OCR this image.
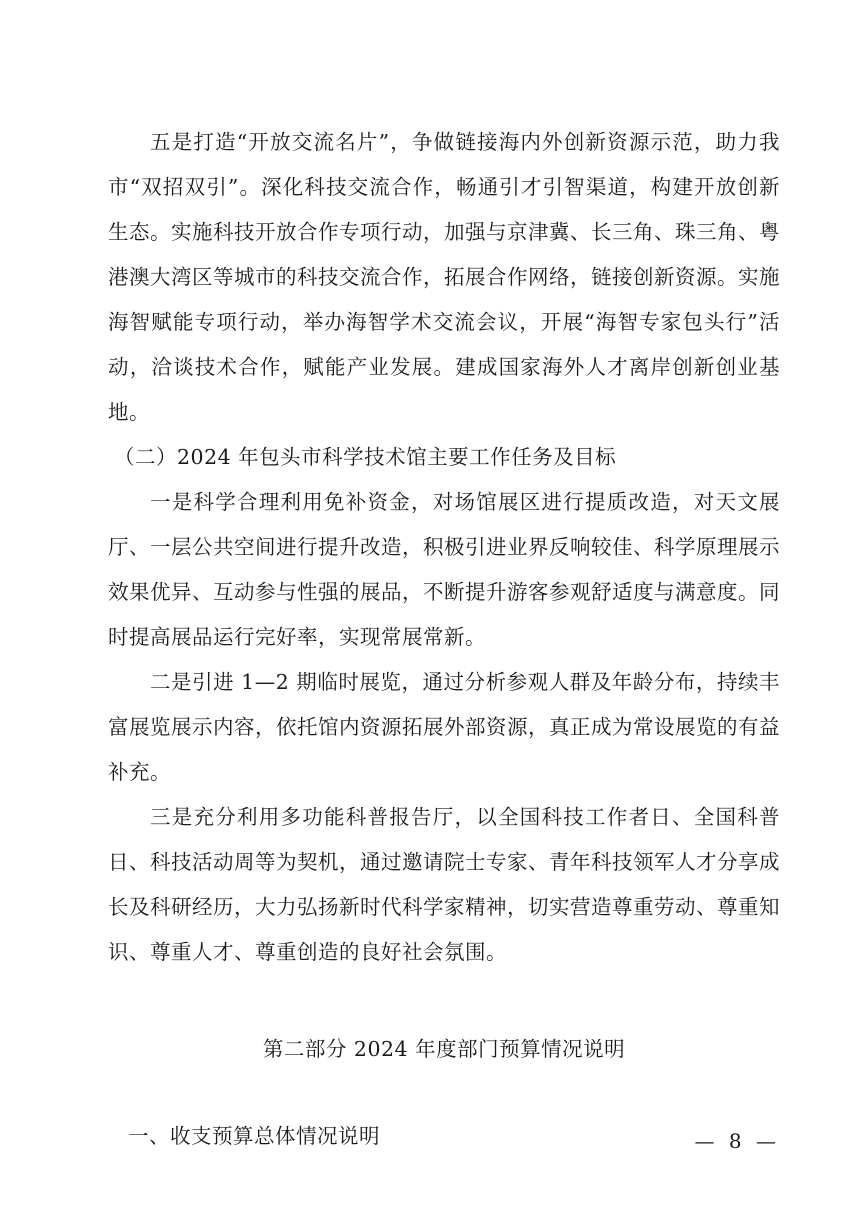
五是打造“开放交流名片”，争做链接海内外创新资源示范，助力我市“双招双引”。深化科技交流合作，畅通引才引智渠道，构建开放创新生态。实施科技开放合作专项行动，加强与京津冀、长三角、珠三角、粤港澳大湾区等城市的科技交流合作，拓展合作网络，链接创新资源。实施海智赋能专项行动，举办海智学术交流会议，开展“海智专家包头行”活动，洽谈技术合作，赋能产业发展。建成国家海外人才离岸创新创业基地。

（二）2024 年包头市科学技术馆主要工作任务及目标

一是科学合理利用免补资金，对场馆展区进行提质改造，对天文展厅、一层公共空间进行提升改造，积极引进业界反响较佳、科学原理展示效果优异、互动参与性强的展品，不断提升游客参观舒适度与满意度。同时提高展品运行完好率，实现常展常新。

二是引进 1—2 期临时展览，通过分析参观人群及年龄分布，持续丰富展览展示内容，依托馆内资源拓展外部资源，真正成为常设展览的有益补充。

三是充分利用多功能科普报告厅，以全国科技工作者日、全国科普日、科技活动周等为契机，通过邀请院士专家、青年科技领军人才分享成长及科研经历，大力弘扬新时代科学家精神，切实营造尊重劳动、尊重知识、尊重人才、尊重创造的良好社会氛围。

第二部分 2024 年度部门预算情况说明

一、收支预算总体情况说明	— 8 —
